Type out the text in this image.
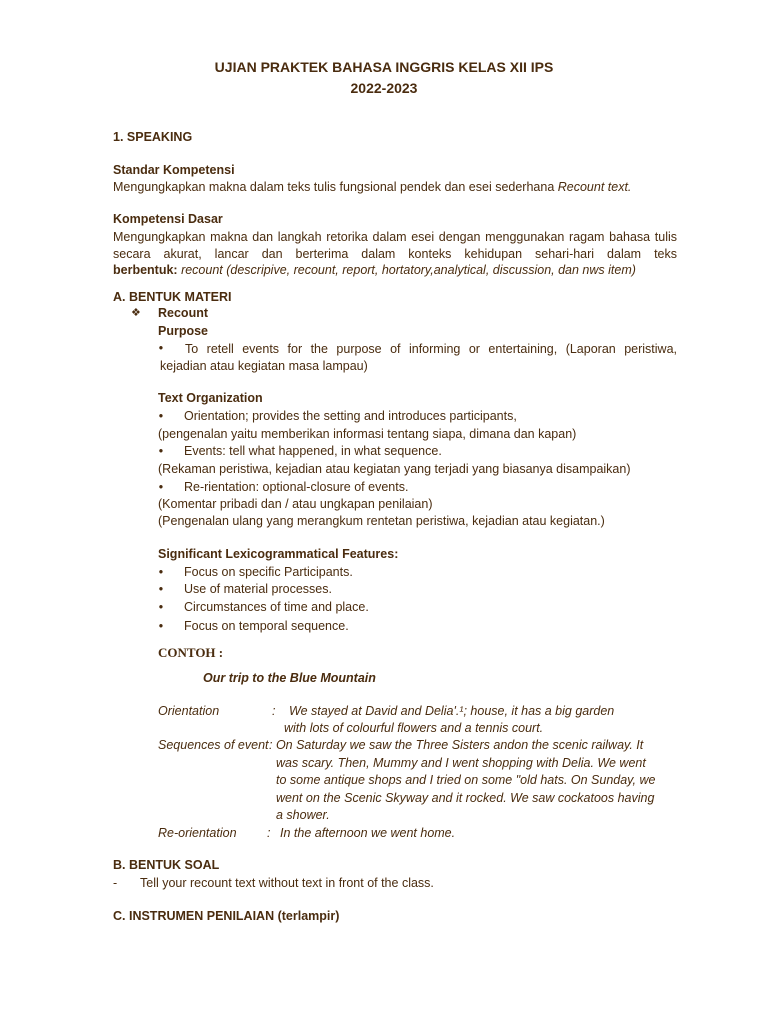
UJIAN PRAKTEK BAHASA INGGRIS KELAS XII IPS
2022-2023
1. SPEAKING
Standar Kompetensi
Mengungkapkan makna dalam teks tulis fungsional pendek dan esei sederhana Recount text.
Kompetensi Dasar
Mengungkapkan makna dan langkah retorika dalam esei dengan menggunakan ragam bahasa tulis
secara akurat, lancar dan berterima dalam konteks kehidupan sehari-hari dalam teks
berbentuk: recount (descripive, recount, report, hortatory,analytical, discussion, dan nws item)
A. BENTUK MATERI
❖ Recount
Purpose
•	To retell events for the purpose of informing or entertaining, (Laporan peristiwa,
kejadian atau kegiatan masa lampau)
Text Organization
•	Orientation; provides the setting and introduces participants,
(pengenalan yaitu memberikan informasi tentang siapa, dimana dan kapan)
•	Events: tell what happened, in what sequence.
(Rekaman peristiwa, kejadian atau kegiatan yang terjadi yang biasanya disampaikan)
•	Re-rientation: optional-closure of events.
(Komentar pribadi dan / atau ungkapan penilaian)
(Pengenalan ulang yang merangkum rentetan peristiwa, kejadian atau kegiatan.)
Significant Lexicogrammatical Features:
•	Focus on specific Participants.
•	Use of material processes.
•	Circumstances of time and place.
•	Focus on temporal sequence.
CONTOH :
Our trip to the Blue Mountain
Orientation	: We stayed at David and Delia'.¹; house, it has a big garden
with lots of colourful flowers and a tennis court.
Sequences of event : On Saturday we saw the Three Sisters andon the scenic railway. It
was scary. Then, Mummy and I went shopping with Delia. We went
to some antique shops and I tried on some "old hats. On Sunday, we
went on the Scenic Skyway and it rocked. We saw cockatoos having
a shower.
Re-orientation : In the afternoon we went home.
B. BENTUK SOAL
- Tell your recount text without text in front of the class.
C. INSTRUMEN PENILAIAN (terlampir)
